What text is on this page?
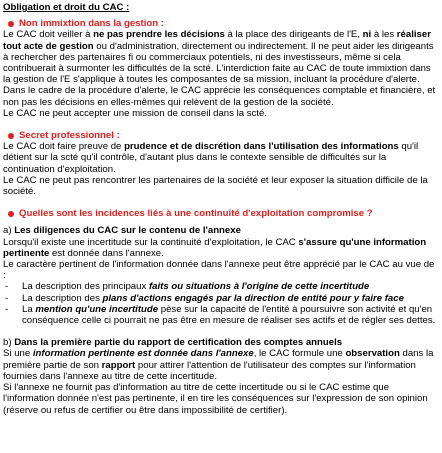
Obligation et droit du CAC :

Non immixtion dans la gestion :

Le CAC doit veiller à ne pas prendre les décisions à la place des dirigeants de l'E, ni à les réaliser tout acte de gestion ou d'administration, directement ou indirectement. Il ne peut aider les dirigeants à rechercher des partenaires fi ou commerciaux potentiels, ni des investisseurs, même si cela contribuerait à surmonter les difficultés de la scté. L'interdiction faite au CAC de toute immixtion dans la gestion de l'E s'applique à toutes les composantes de sa mission, incluant la procédure d'alerte. Dans le cadre de la procédure d'alerte, le CAC apprécie les conséquences comptable et financière, et non pas les décisions en elles-mêmes qui relèvent de la gestion de la société.

Le CAC ne peut accepter une mission de conseil dans la scté.

Secret professionnel :

Le CAC doit faire preuve de prudence et de discrétion dans l'utilisation des informations qu'il détient sur la scté qu'il contrôle, d'autant plus dans le contexte sensible de difficultés sur la continuation d'exploitation.

Le CAC ne peut pas rencontrer les partenaires de la société et leur exposer la situation difficile de la société.

Quelles sont les incidences liés à une continuité d'exploitation compromise ?

a) Les diligences du CAC sur le contenu de l'annexe

Lorsqu'il existe une incertitude sur la continuité d'exploitation, le CAC s'assure qu'une information pertinente est donnée dans l'annexe.

Le caractère pertinent de l'information donnée dans l'annexe peut être apprécié par le CAC au vue de :

- La description des principaux faits ou situations à l'origine de cette incertitude
- La description des plans d'actions engagés par la direction de entité pour y faire face
- La mention qu'une incertitude pèse sur la capacité de l'entité à poursuivre son activité et qu'en conséquence celle ci pourrait ne pas être en mesure de réaliser ses actifs et de régler ses dettes.

b) Dans la première partie du rapport de certification des comptes annuels

Si une information pertinente est donnée dans l'annexe, le CAC formule une observation dans la première partie de son rapport pour attirer l'attention de l'utilisateur des comptes sur l'information fournies dans l'annexe au titre de cette incertitude.

Si l'annexe ne fournit pas d'information au titre de cette incertitude ou si le CAC estime que l'information donnée n'est pas pertinente, il en tire les conséquences sur l'expression de son opinion (réserve ou refus de certifier ou être dans impossibilité de certifier).
